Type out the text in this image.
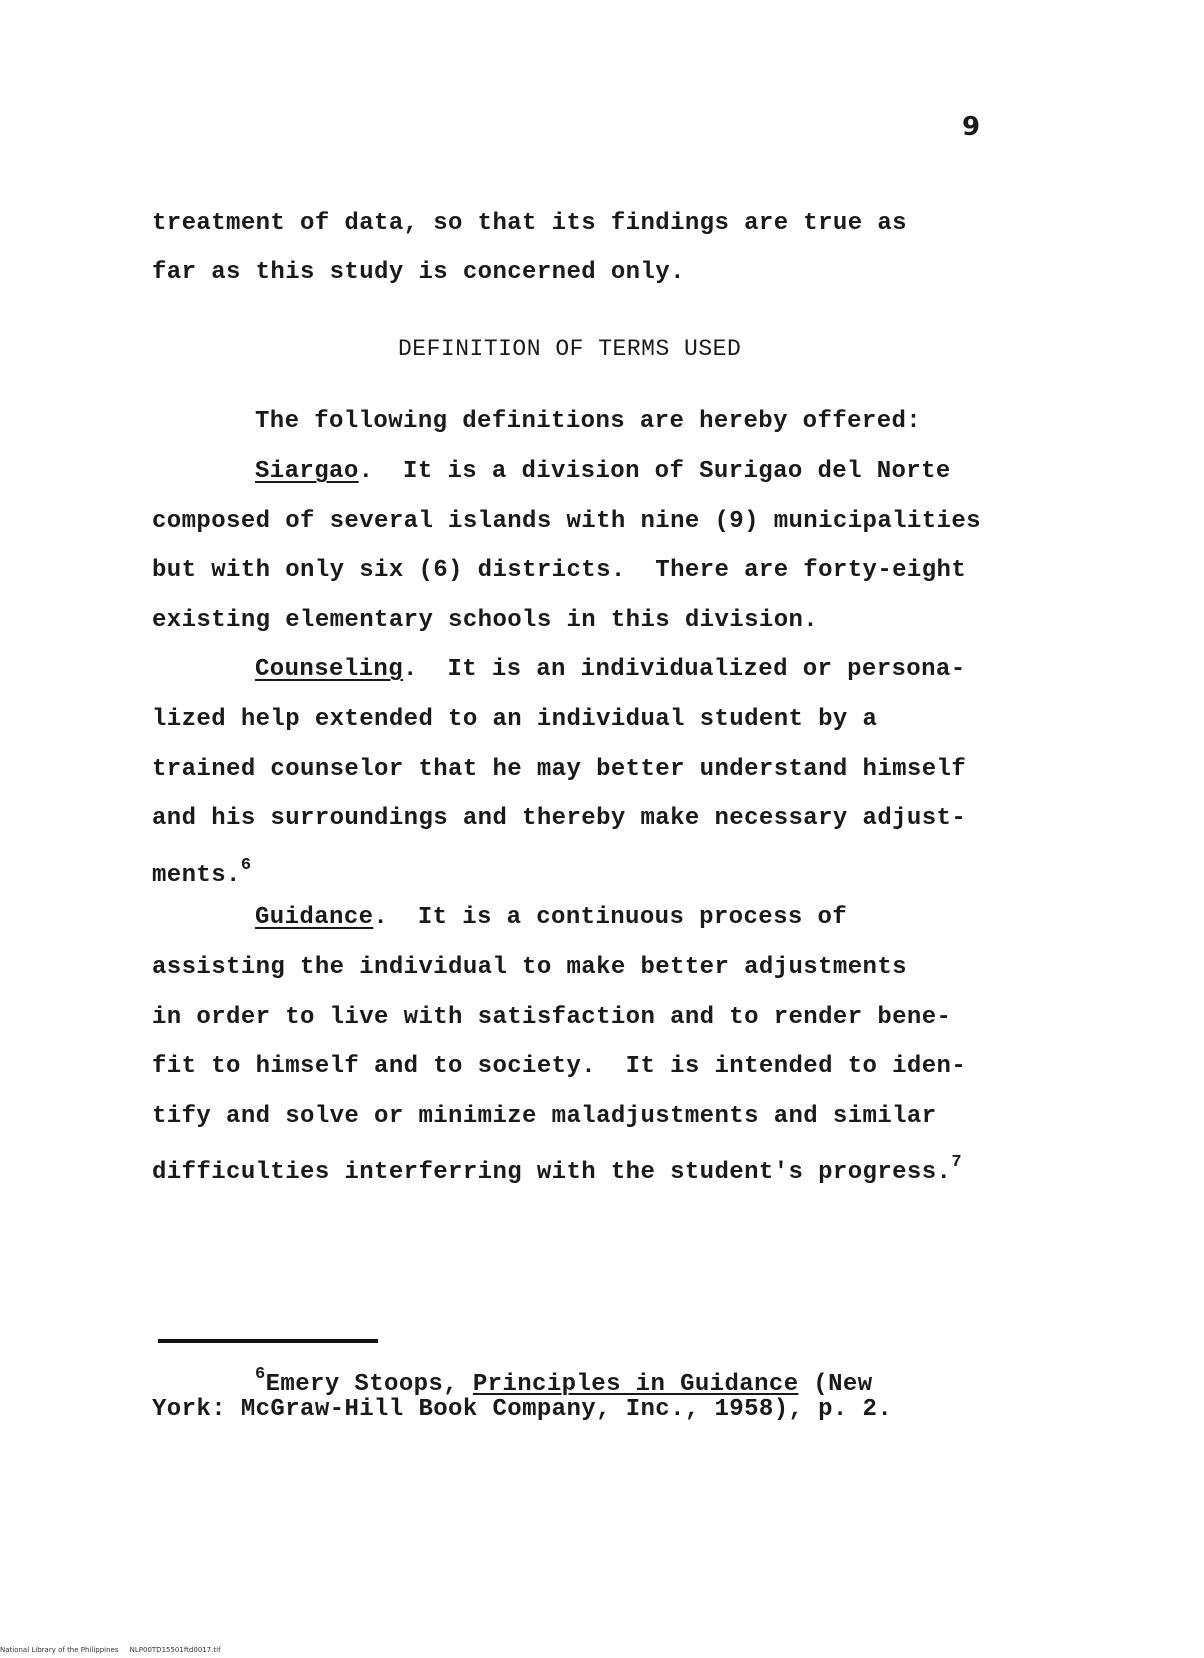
9
treatment of data, so that its findings are true as
far as this study is concerned only.
DEFINITION OF TERMS USED
The following definitions are hereby offered:
Siargao.  It is a division of Surigao del Norte
composed of several islands with nine (9) municipalities
but with only six (6) districts.  There are forty-eight
existing elementary schools in this division.
Counseling.  It is an individualized or persona-
lized help extended to an individual student by a
trained counselor that he may better understand himself
and his surroundings and thereby make necessary adjust-
ments.$^6$
Guidance.  It is a continuous process of
assisting the individual to make better adjustments
in order to live with satisfaction and to render bene-
fit to himself and to society.  It is intended to iden-
tify and solve or minimize maladjustments and similar
difficulties interferring with the student's progress.$^7$
$^6$Emery Stoops, Principles in Guidance (New
York: McGraw-Hill Book Company, Inc., 1958), p. 2.
National Library of the Philippines NLP00TD15501ftd0017.tif
